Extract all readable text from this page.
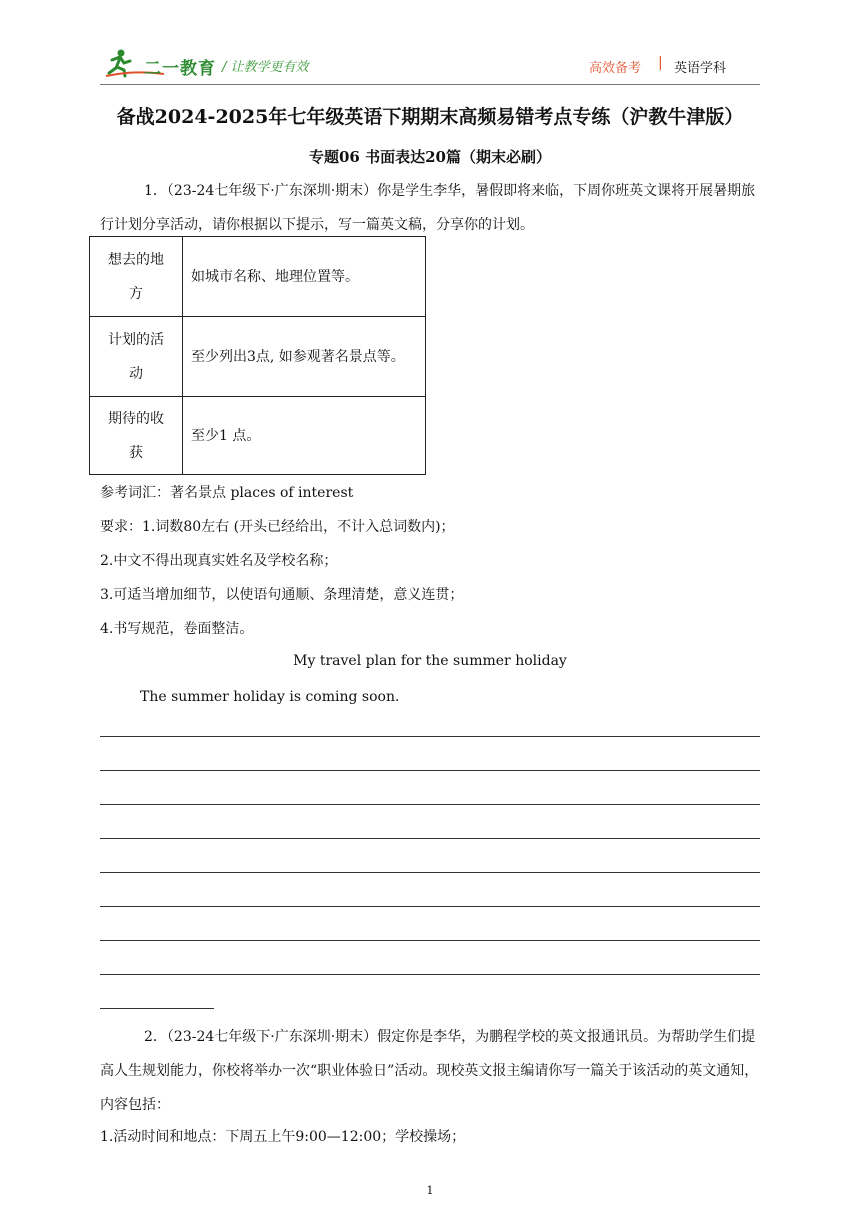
二一教育 / 让教学更有效	高效备考 | 英语学科
备战2024-2025年七年级英语下期期末高频易错考点专练（沪教牛津版）
专题06 书面表达20篇（期末必刷）
1．（23-24七年级下·广东深圳·期末）你是学生李华，暑假即将来临，下周你班英文课将开展暑期旅行计划分享活动，请你根据以下提示，写一篇英文稿，分享你的计划。
想去的地
方	如城市名称、地理位置等。
计划的活
动	至少列出3点, 如参观著名景点等。
期待的收
获	至少1 点。
参考词汇：著名景点 places of interest
要求：1.词数80左右 (开头已经给出，不计入总词数内)；
2.中文不得出现真实姓名及学校名称；
3.可适当增加细节，以使语句通顺、条理清楚，意义连贯；
4.书写规范，卷面整洁。
My travel plan for the summer holiday
The summer holiday is coming soon.
2．（23-24七年级下·广东深圳·期末）假定你是李华，为鹏程学校的英文报通讯员。为帮助学生们提高人生规划能力，你校将举办一次“职业体验日”活动。现校英文报主编请你写一篇关于该活动的英文通知，内容包括：
1.活动时间和地点：下周五上午9:00—12:00；学校操场；
1
